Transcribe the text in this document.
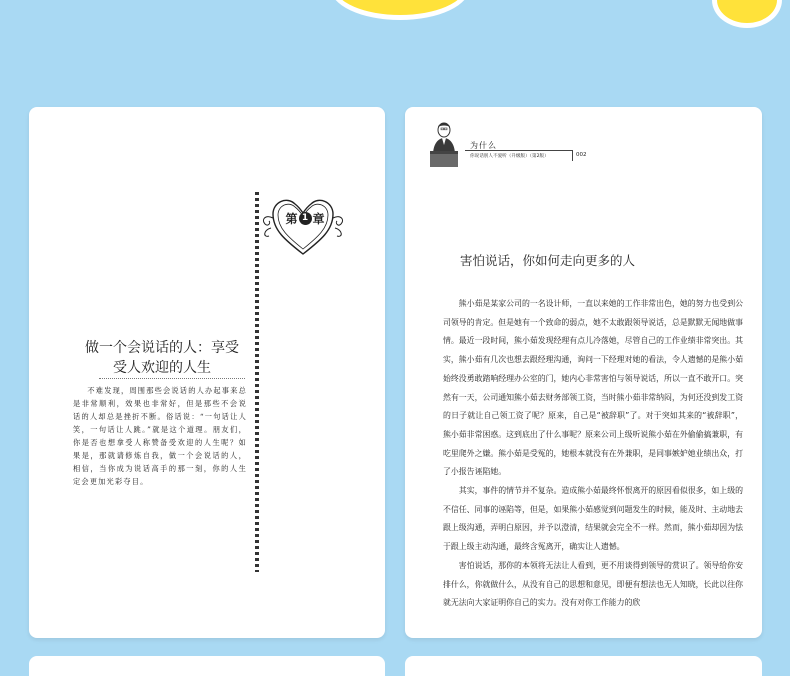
第 1 章
做一个会说话的人：享受
受人欢迎的人生
不难发现，周围那些会说话的人办起事来总是非常顺利，效果也非常好，但是那些不会说话的人却总是挫折不断。俗话说：“一句话让人笑，一句话让人跳。”就是这个道理。朋友们，你是否也想拿受人称赞备受欢迎的人生呢？如果是，那就请修炼自我，做一个会说话的人，相信，当你成为说话高手的那一刻，你的人生定会更加光彩夺目。
为什么
你说话别人不爱听（升级版）（第2版）	002
害怕说话，你如何走向更多的人

熊小茹是某家公司的一名设计师，一直以来她的工作非常出色，她的努力也受到公司领导的肯定。但是她有一个致命的弱点，她不太敢跟领导说话，总是默默无闻地做事情。最近一段时间，熊小茹发现经理有点儿冷落她，尽管自己的工作业绩非常突出。其实，熊小茹有几次也想去跟经理沟通，询问一下经理对她的看法，令人遗憾的是熊小茹始终没勇敢踏响经理办公室的门，她内心非常害怕与领导说话，所以一直不敢开口。突然有一天，公司通知熊小茹去财务部领工资，当时熊小茹非常纳闷，为何还没到发工资的日子就让自己领工资了呢？原来，自己是“被辞职”了。对于突如其来的“被辞职”，熊小茹非常困惑。这到底出了什么事呢？原来公司上级听说熊小茹在外偷偷搞兼职，有吃里爬外之嫌。熊小茹是受冤的，她根本就没有在外兼职，是同事嫉妒她业绩出众，打了小报告诬陷她。

其实，事件的情节并不复杂。造成熊小茹最终怀恨离开的原因看似很多，如上级的不信任、同事的诬陷等，但是，如果熊小茹感觉到问题发生的时候，能及时、主动地去跟上级沟通，弄明白原因，并予以澄清，结果就会完全不一样。然而，熊小茹却因为怯于跟上级主动沟通，最终含冤离开，确实让人遗憾。

害怕说话，那你的本领将无法让人看到，更不用谈得到领导的赏识了。领导给你安排什么，你就做什么，从没有自己的思想和意见，即便有想法也无人知晓，长此以往你就无法向大家证明你自己的实力。没有对你工作能力的欣
